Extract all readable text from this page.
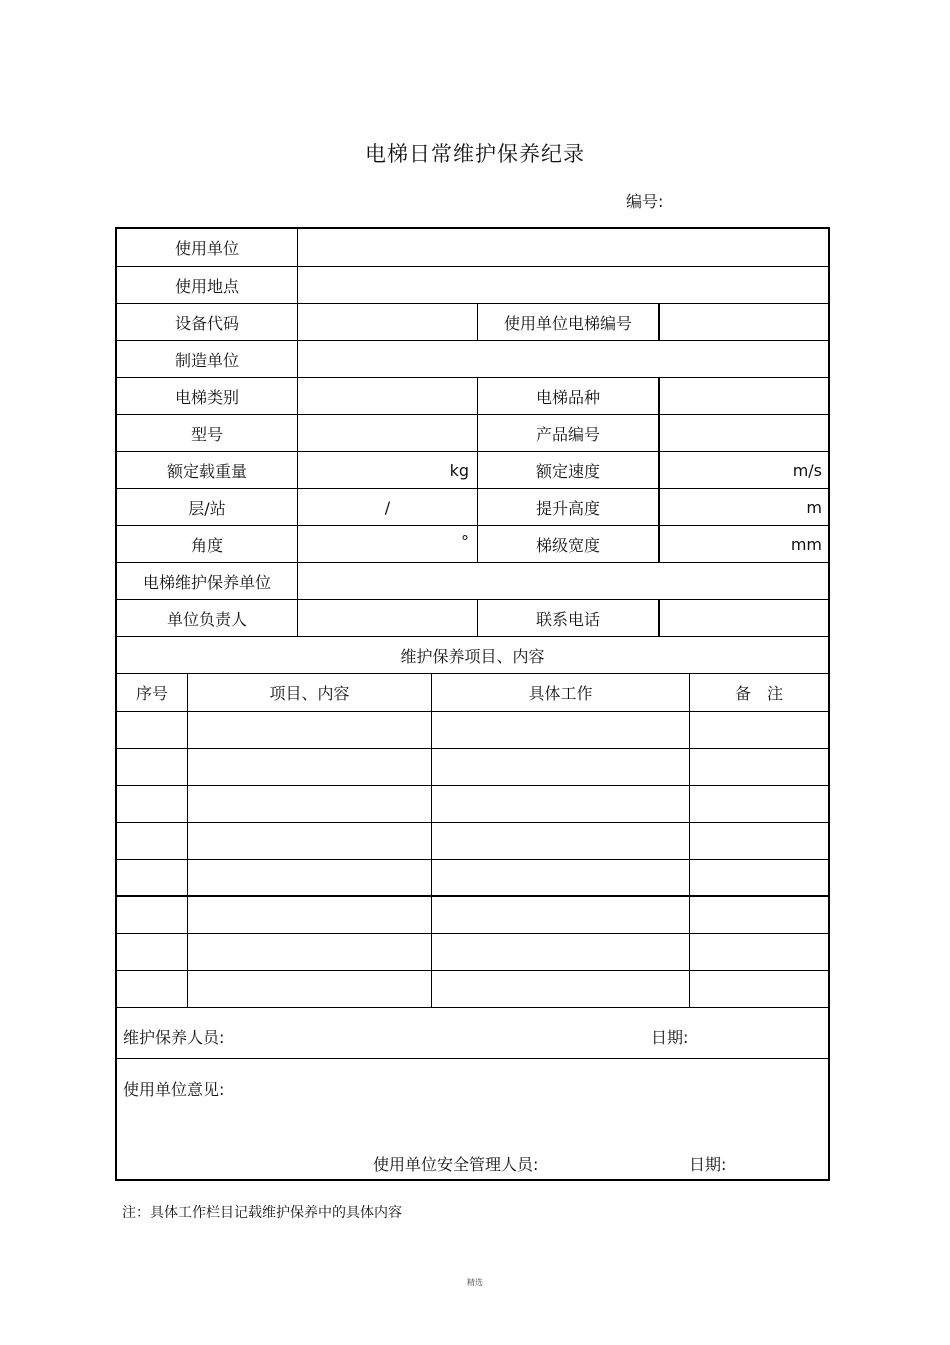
电梯日常维护保养纪录
编号:
使用单位
使用地点
设备代码	使用单位电梯编号
制造单位
电梯类别	电梯品种
型号	产品编号
额定载重量	kg	额定速度	m/s
层/站	/	提升高度	m
角度	°	梯级宽度	mm
电梯维护保养单位
单位负责人	联系电话
维护保养项目、内容
序号	项目、内容	具体工作	备　注
维护保养人员:	日期:
使用单位意见:
使用单位安全管理人员:	日期:
注：具体工作栏目记载维护保养中的具体内容
精选
